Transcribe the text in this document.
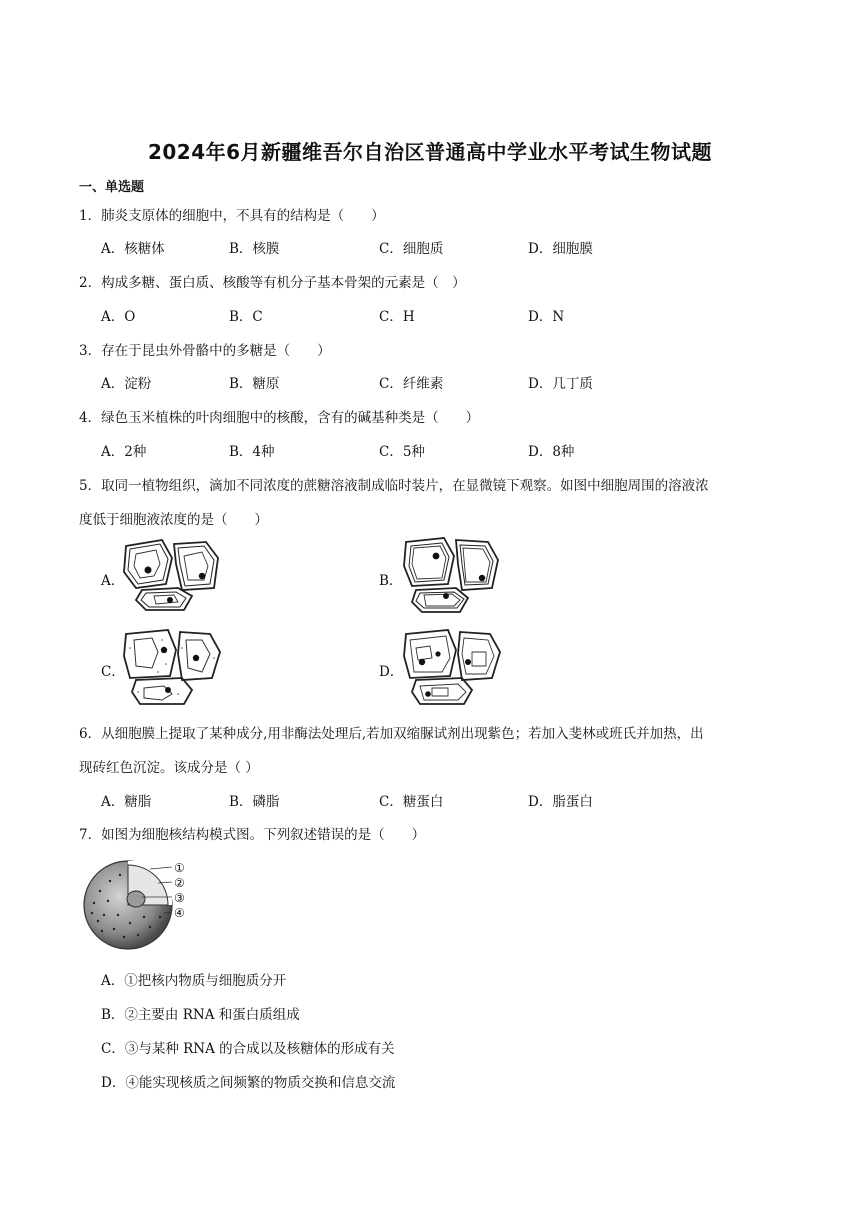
2024年6月新疆维吾尔自治区普通高中学业水平考试生物试题
一、单选题
1．肺炎支原体的细胞中，不具有的结构是（　　）
A．核糖体	B．核膜	C．细胞质	D．细胞膜
2．构成多糖、蛋白质、核酸等有机分子基本骨架的元素是（　）
A．O	B．C	C．H	D．N
3．存在于昆虫外骨骼中的多糖是（　　）
A．淀粉	B．糖原	C．纤维素	D．几丁质
4．绿色玉米植株的叶肉细胞中的核酸，含有的碱基种类是（　　）
A．2种	B．4种	C．5种	D．8种
5．取同一植物组织，滴加不同浓度的蔗糖溶液制成临时装片，在显微镜下观察。如图中细胞周围的溶液浓
度低于细胞液浓度的是（　　）
A．	B．
C．	D．
6．从细胞膜上提取了某种成分,用非酶法处理后,若加双缩脲试剂出现紫色；若加入斐林或班氏并加热，出
现砖红色沉淀。该成分是（ ）
A．糖脂	B．磷脂	C．糖蛋白	D．脂蛋白
7．如图为细胞核结构模式图。下列叙述错误的是（　　）
①
②
③
④
A．①把核内物质与细胞质分开
B．②主要由 RNA 和蛋白质组成
C．③与某种 RNA 的合成以及核糖体的形成有关
D．④能实现核质之间频繁的物质交换和信息交流
